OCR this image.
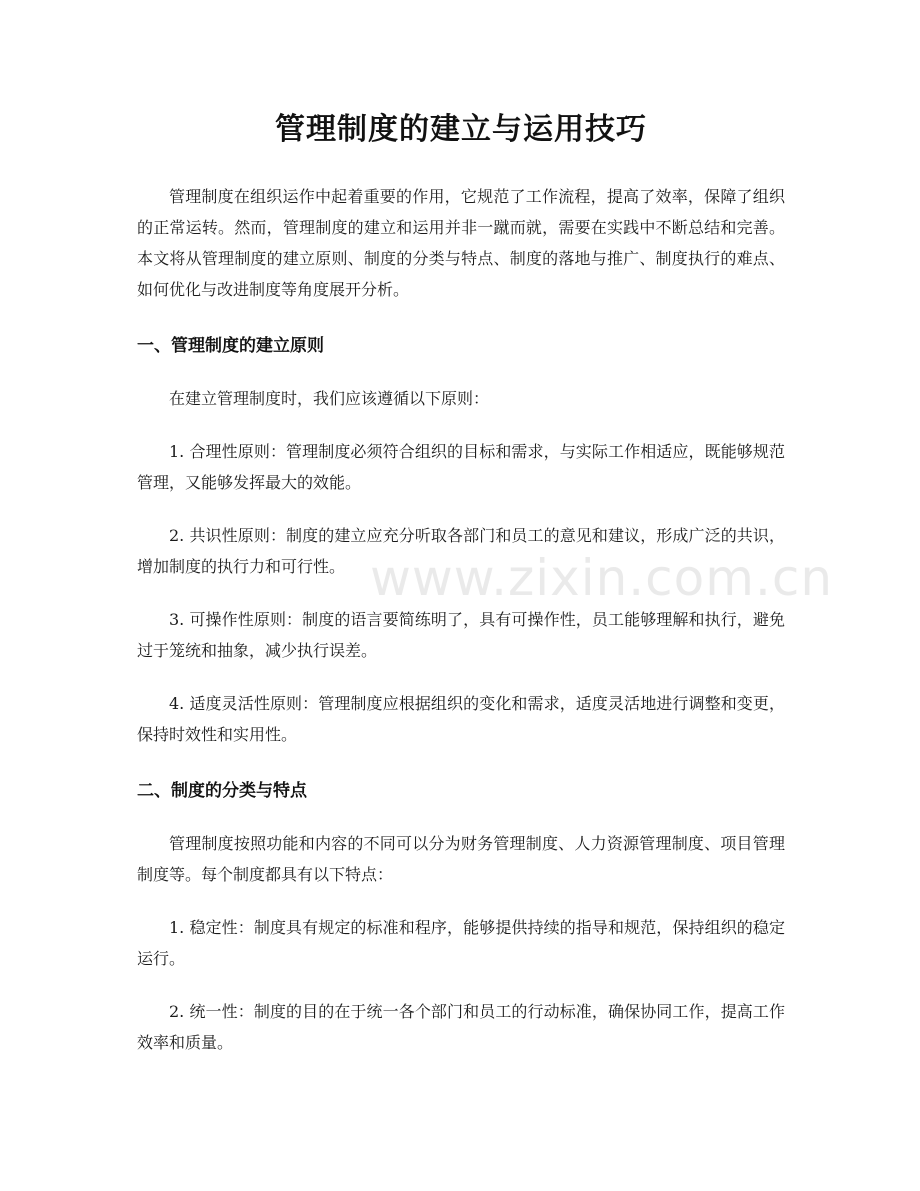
管理制度的建立与运用技巧

管理制度在组织运作中起着重要的作用，它规范了工作流程，提高了效率，保障了组织的正常运转。然而，管理制度的建立和运用并非一蹴而就，需要在实践中不断总结和完善。本文将从管理制度的建立原则、制度的分类与特点、制度的落地与推广、制度执行的难点、如何优化与改进制度等角度展开分析。

一、管理制度的建立原则

在建立管理制度时，我们应该遵循以下原则：

1. 合理性原则：管理制度必须符合组织的目标和需求，与实际工作相适应，既能够规范管理，又能够发挥最大的效能。

2. 共识性原则：制度的建立应充分听取各部门和员工的意见和建议，形成广泛的共识，增加制度的执行力和可行性。

3. 可操作性原则：制度的语言要简练明了，具有可操作性，员工能够理解和执行，避免过于笼统和抽象，减少执行误差。

4. 适度灵活性原则：管理制度应根据组织的变化和需求，适度灵活地进行调整和变更，保持时效性和实用性。

二、制度的分类与特点

管理制度按照功能和内容的不同可以分为财务管理制度、人力资源管理制度、项目管理制度等。每个制度都具有以下特点：

1. 稳定性：制度具有规定的标准和程序，能够提供持续的指导和规范，保持组织的稳定运行。

2. 统一性：制度的目的在于统一各个部门和员工的行动标准，确保协同工作，提高工作效率和质量。

www.zixin.com.cn
